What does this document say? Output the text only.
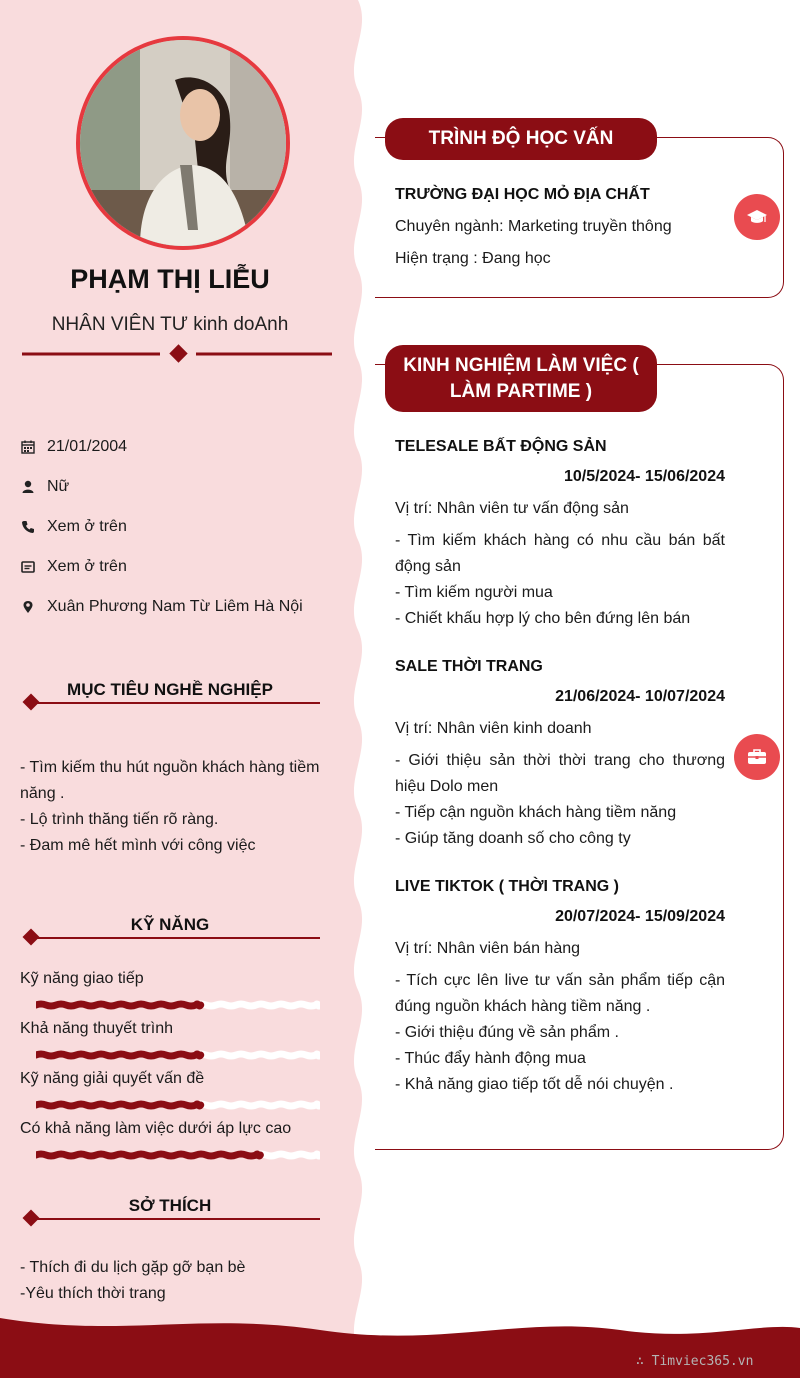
PHẠM THỊ LIỄU
NHÂN VIÊN TƯ kinh doAnh
21/01/2004
Nữ
Xem ở trên
Xem ở trên
Xuân Phương Nam Từ Liêm Hà Nội
MỤC TIÊU NGHỀ NGHIỆP
- Tìm kiếm thu hút nguồn khách hàng tiềm năng .
- Lộ trình thăng tiến rõ ràng.
- Đam mê hết mình với công việc
KỸ NĂNG
Kỹ năng giao tiếp
Khả năng thuyết trình
Kỹ năng giải quyết vấn đề
Có khả năng làm việc dưới áp lực cao
SỞ THÍCH
- Thích đi du lịch gặp gỡ bạn bè
-Yêu thích thời trang
TRÌNH ĐỘ HỌC VẤN
TRƯỜNG ĐẠI HỌC MỎ ĐỊA CHẤT
Chuyên ngành: Marketing truyền thông
Hiện trạng : Đang học
KINH NGHIỆM LÀM VIỆC (
LÀM PARTIME )
TELESALE BẤT ĐỘNG SẢN
10/5/2024- 15/06/2024
Vị trí: Nhân viên tư vấn động sản
- Tìm kiếm khách hàng có nhu cầu bán bất động sản
- Tìm kiếm người mua
- Chiết khấu hợp lý cho bên đứng lên bán
SALE THỜI TRANG
21/06/2024- 10/07/2024
Vị trí: Nhân viên kinh doanh
- Giới thiệu sản thời thời trang cho thương hiệu Dolo men
- Tiếp cận nguồn khách hàng tiềm năng
- Giúp tăng doanh số cho công ty
LIVE TIKTOK ( THỜI TRANG )
20/07/2024- 15/09/2024
Vị trí: Nhân viên bán hàng
- Tích cực lên live tư vấn sản phẩm tiếp cận đúng nguồn khách hàng tiềm năng .
- Giới thiệu đúng về sản phẩm .
- Thúc đẩy hành động mua
- Khả năng giao tiếp tốt dễ nói chuyện .
∴ Timviec365.vn
